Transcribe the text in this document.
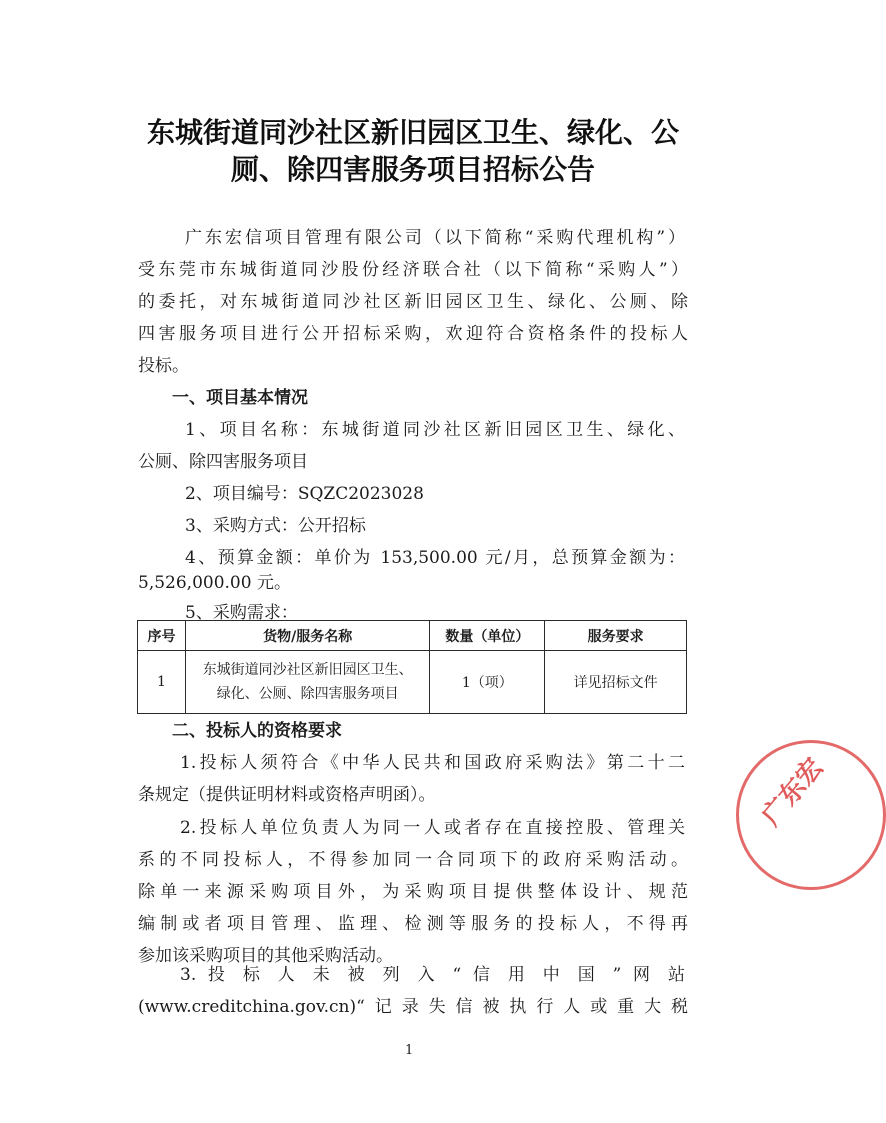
东城街道同沙社区新旧园区卫生、绿化、公
厕、除四害服务项目招标公告
广东宏信项目管理有限公司（以下简称“采购代理机构”）
受东莞市东城街道同沙股份经济联合社（以下简称“采购人”）
的委托，对东城街道同沙社区新旧园区卫生、绿化、公厕、除
四害服务项目进行公开招标采购，欢迎符合资格条件的投标人
投标。
一、项目基本情况
1、项目名称：东城街道同沙社区新旧园区卫生、绿化、
公厕、除四害服务项目
2、项目编号：SQZC2023028
3、采购方式：公开招标
4、预算金额：单价为 153,500.00 元/月，总预算金额为：
5,526,000.00 元。
5、采购需求：
序号	货物/服务名称	数量（单位）	服务要求
1	东城街道同沙社区新旧园区卫生、
绿化、公厕、除四害服务项目	1（项）	详见招标文件
二、投标人的资格要求
1.投标人须符合《中华人民共和国政府采购法》第二十二
条规定（提供证明材料或资格声明函）。
2.投标人单位负责人为同一人或者存在直接控股、管理关
系的不同投标人，不得参加同一合同项下的政府采购活动。
除单一来源采购项目外，为采购项目提供整体设计、规范
编制或者项目管理、监理、检测等服务的投标人，不得再
参加该采购项目的其他采购活动。
3. 投 标 人 未 被 列 入 “ 信 用 中 国 ” 网 站
(www.creditchina.gov.cn)“记录失信被执行人或重大税
广东宏
1
